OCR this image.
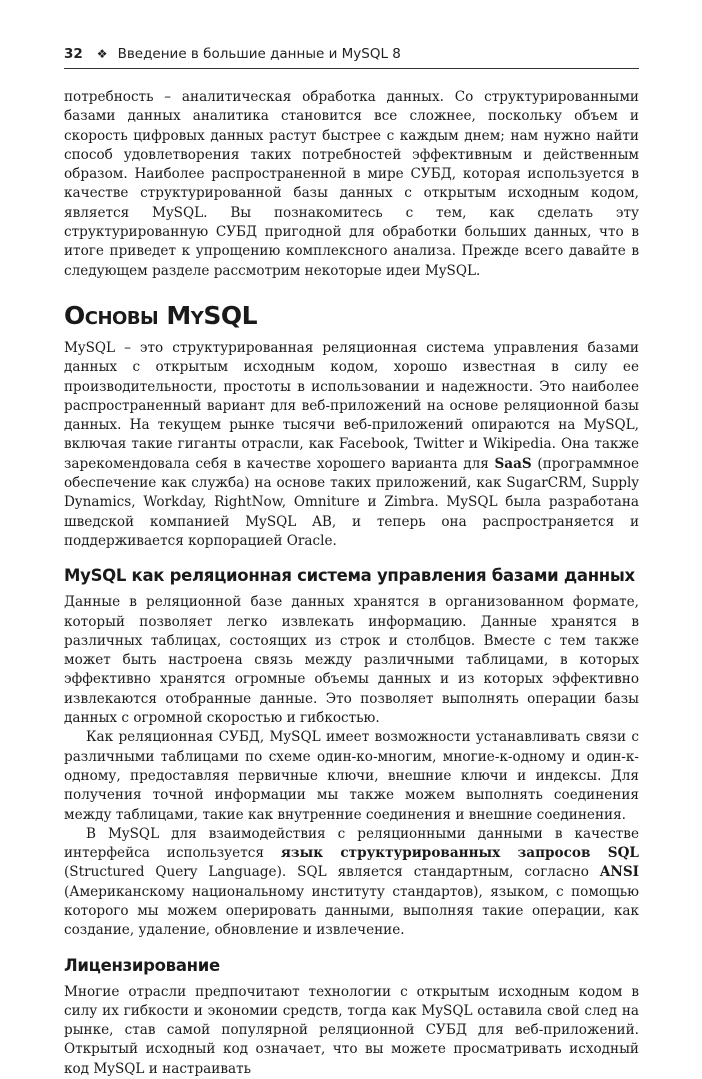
32 ❖ Введение в большие данные и MySQL 8

потребность – аналитическая обработка данных. Со структурированными базами данных аналитика становится все сложнее, поскольку объем и скорость цифровых данных растут быстрее с каждым днем; нам нужно найти способ удовлетворения таких потребностей эффективным и действенным образом. Наиболее распространенной в мире СУБД, которая используется в качестве структурированной базы данных с открытым исходным кодом, является MySQL. Вы познакомитесь с тем, как сделать эту структурированную СУБД пригодной для обработки больших данных, что в итоге приведет к упрощению комплексного анализа. Прежде всего давайте в следующем разделе рассмотрим некоторые идеи MySQL.

Основы MySQL

MySQL – это структурированная реляционная система управления базами данных с открытым исходным кодом, хорошо известная в силу ее производительности, простоты в использовании и надежности. Это наиболее распространенный вариант для веб-приложений на основе реляционной базы данных. На текущем рынке тысячи веб-приложений опираются на MySQL, включая такие гиганты отрасли, как Facebook, Twitter и Wikipedia. Она также зарекомендовала себя в качестве хорошего варианта для SaaS (программное обеспечение как служба) на основе таких приложений, как SugarCRM, Supply Dynamics, Workday, RightNow, Omniture и Zimbra. MySQL была разработана шведской компанией MySQL AB, и теперь она распространяется и поддерживается корпорацией Oracle.

MySQL как реляционная система управления базами данных

Данные в реляционной базе данных хранятся в организованном формате, который позволяет легко извлекать информацию. Данные хранятся в различных таблицах, состоящих из строк и столбцов. Вместе с тем также может быть настроена связь между различными таблицами, в которых эффективно хранятся огромные объемы данных и из которых эффективно извлекаются отобранные данные. Это позволяет выполнять операции базы данных с огромной скоростью и гибкостью.

Как реляционная СУБД, MySQL имеет возможности устанавливать связи с различными таблицами по схеме один-ко-многим, многие-к-одному и один-к-одному, предоставляя первичные ключи, внешние ключи и индексы. Для получения точной информации мы также можем выполнять соединения между таблицами, такие как внутренние соединения и внешние соединения.

В MySQL для взаимодействия с реляционными данными в качестве интерфейса используется язык структурированных запросов SQL (Structured Query Language). SQL является стандартным, согласно ANSI (Американскому национальному институту стандартов), языком, с помощью которого мы можем оперировать данными, выполняя такие операции, как создание, удаление, обновление и извлечение.

Лицензирование

Многие отрасли предпочитают технологии с открытым исходным кодом в силу их гибкости и экономии средств, тогда как MySQL оставила свой след на рынке, став самой популярной реляционной СУБД для веб-приложений. Открытый исходный код означает, что вы можете просматривать исходный код MySQL и настраивать
